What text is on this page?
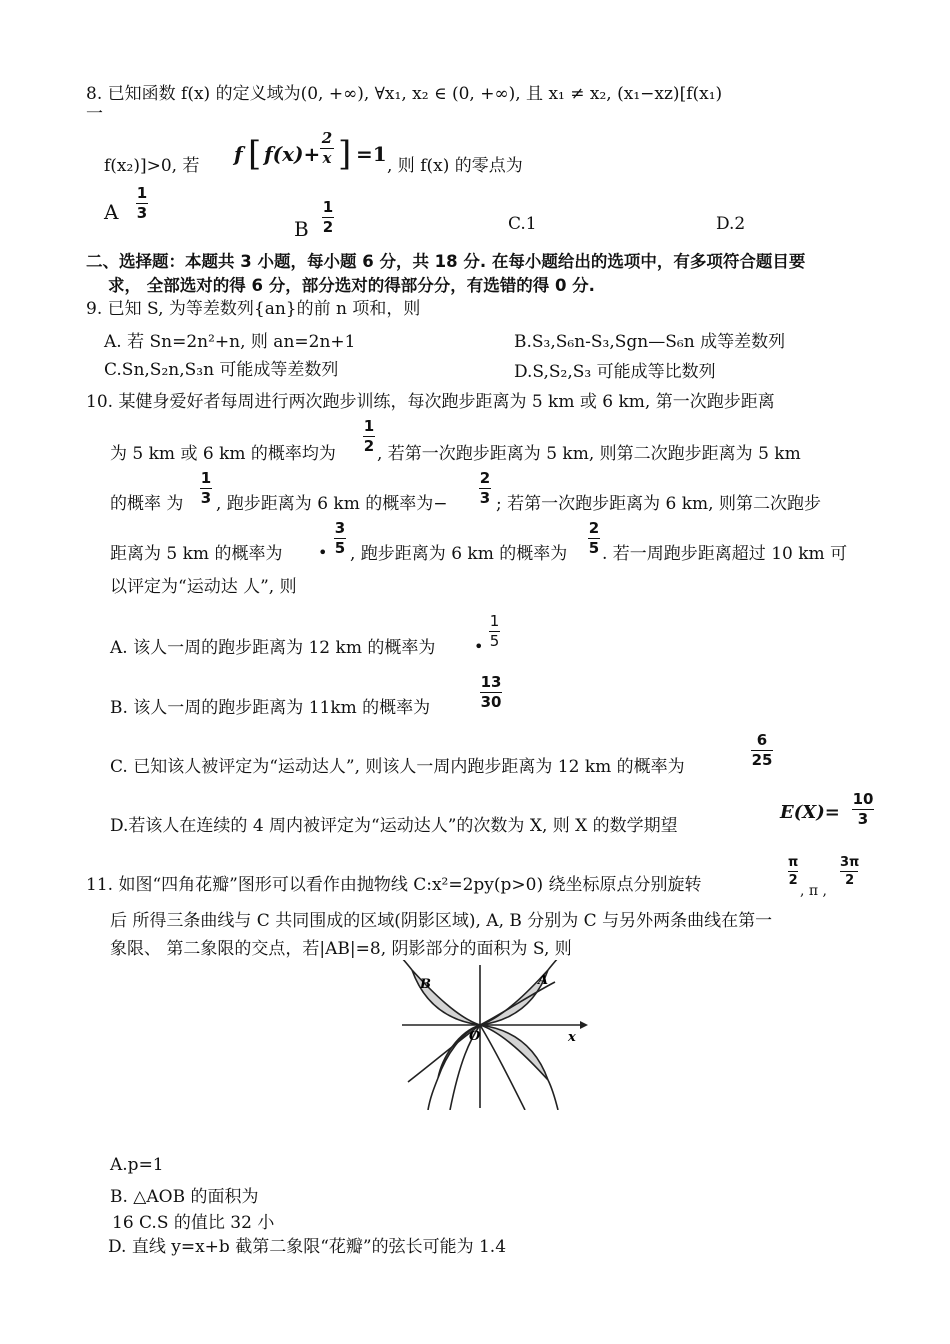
8. 已知函数 f(x) 的定义域为(0, +∞), ∀x₁, x₂ ∈ (0, +∞), 且 x₁ ≠ x₂, (x₁−xz)[f(x₁)
一
f(x₂)]>0, 若 f [ f(x)+
2
x ] =1 , 则 f(x) 的零点为
A
1
3
B
1
2	C.1	D.2
二、选择题：本题共 3 小题，每小题 6 分，共 18 分. 在每小题给出的选项中，有多项符合题目要
求， 全部选对的得 6 分，部分选对的得部分分，有选错的得 0 分.
9. 已知 S, 为等差数列{an}的前 n 项和，则
A. 若 Sn=2n²+n, 则 an=2n+1	B.S₃,S₆n-S₃,Sgn—S₆n 成等差数列
C.Sn,S₂n,S₃n 可能成等差数列	D.S,S₂,S₃ 可能成等比数列
10. 某健身爱好者每周进行两次跑步训练，每次跑步距离为 5 km 或 6 km, 第一次跑步距离
为 5 km 或 6 km 的概率均为
1
2 , 若第一次跑步距离为 5 km, 则第二次跑步距离为 5 km
的概率 为
1
3 , 跑步距离为 6 km 的概率为−
2
3 ; 若第一次跑步距离为 6 km, 则第二次跑步
距离为 5 km 的概率为 •
3
5 , 跑步距离为 6 km 的概率为
2
5 . 若一周跑步距离超过 10 km 可
以评定为“运动达 人”, 则
A. 该人一周的跑步距离为 12 km 的概率为 •
1
5
B. 该人一周的跑步距离为 11km 的概率为
13
30
C. 已知该人被评定为“运动达人”, 则该人一周内跑步距离为 12 km 的概率为
6
25
D.若该人在连续的 4 周内被评定为“运动达人”的次数为 X, 则 X 的数学期望
E(X)=
10
3
11. 如图“四角花瓣”图形可以看作由抛物线 C:x²=2py(p>0) 绕坐标原点分别旋转
π
2
, π ,
3π
2
后 所得三条曲线与 C 共同围成的区域(阴影区域), A, B 分别为 C 与另外两条曲线在第一
象限、 第二象限的交点，若|AB|=8, 阴影部分的面积为 S, 则
B	A
O	x
A.p=1
B. △AOB 的面积为
16 C.S 的值比 32 小
D. 直线 y=x+b 截第二象限“花瓣”的弦长可能为 1.4
